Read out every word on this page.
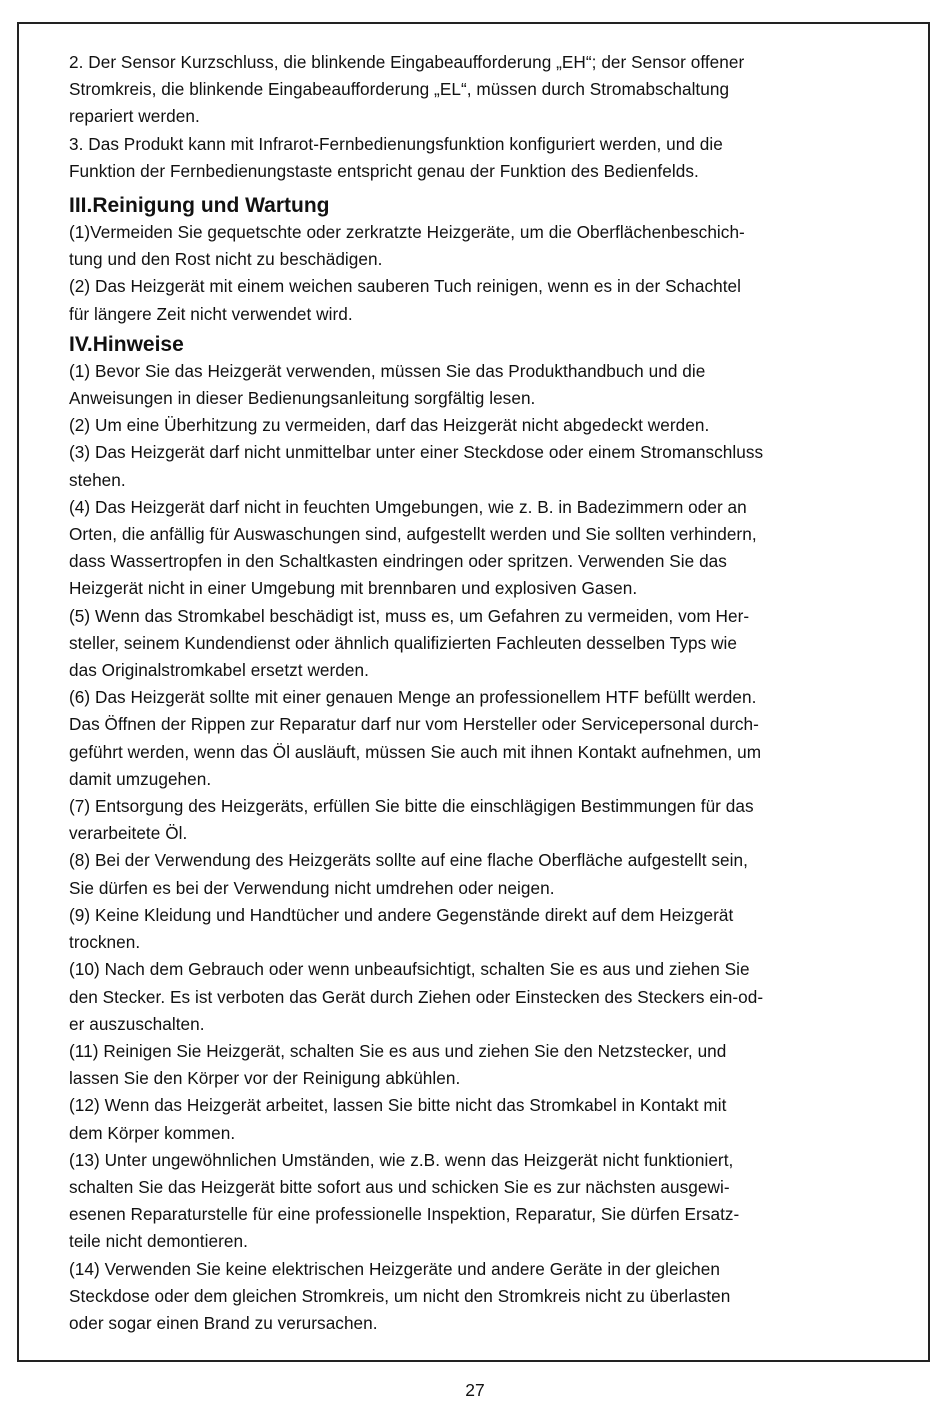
2. Der Sensor Kurzschluss, die blinkende Eingabeaufforderung „EH“; der Sensor offener
Stromkreis, die blinkende Eingabeaufforderung „EL“, müssen durch Stromabschaltung
repariert werden.

3. Das Produkt kann mit Infrarot-Fernbedienungsfunktion konfiguriert werden, und die
Funktion der Fernbedienungstaste entspricht genau der Funktion des Bedienfelds.

III.Reinigung und Wartung

(1)Vermeiden Sie gequetschte oder zerkratzte Heizgeräte, um die Oberflächenbeschich-
tung und den Rost nicht zu beschädigen.

(2) Das Heizgerät mit einem weichen sauberen Tuch reinigen, wenn es in der Schachtel
für längere Zeit nicht verwendet wird.

IV.Hinweise

(1) Bevor Sie das Heizgerät verwenden, müssen Sie das Produkthandbuch und die
Anweisungen in dieser Bedienungsanleitung sorgfältig lesen.

(2) Um eine Überhitzung zu vermeiden, darf das Heizgerät nicht abgedeckt werden.

(3) Das Heizgerät darf nicht unmittelbar unter einer Steckdose oder einem Stromanschluss
stehen.

(4) Das Heizgerät darf nicht in feuchten Umgebungen, wie z. B. in Badezimmern oder an
Orten, die anfällig für Auswaschungen sind, aufgestellt werden und Sie sollten verhindern,
dass Wassertropfen in den Schaltkasten eindringen oder spritzen. Verwenden Sie das
Heizgerät nicht in einer Umgebung mit brennbaren und explosiven Gasen.

(5) Wenn das Stromkabel beschädigt ist, muss es, um Gefahren zu vermeiden, vom Her-
steller, seinem Kundendienst oder ähnlich qualifizierten Fachleuten desselben Typs wie
das Originalstromkabel ersetzt werden.

(6) Das Heizgerät sollte mit einer genauen Menge an professionellem HTF befüllt werden.
Das Öffnen der Rippen zur Reparatur darf nur vom Hersteller oder Servicepersonal durch-
geführt werden, wenn das Öl ausläuft, müssen Sie auch mit ihnen Kontakt aufnehmen, um
damit umzugehen.

(7) Entsorgung des Heizgeräts, erfüllen Sie bitte die einschlägigen Bestimmungen für das
verarbeitete Öl.

(8) Bei der Verwendung des Heizgeräts sollte auf eine flache Oberfläche aufgestellt sein,
Sie dürfen es bei der Verwendung nicht umdrehen oder neigen.

(9) Keine Kleidung und Handtücher und andere Gegenstände direkt auf dem Heizgerät
trocknen.

(10) Nach dem Gebrauch oder wenn unbeaufsichtigt, schalten Sie es aus und ziehen Sie
den Stecker. Es ist verboten das Gerät durch Ziehen oder Einstecken des Steckers ein-od-
er auszuschalten.

(11) Reinigen Sie Heizgerät, schalten Sie es aus und ziehen Sie den Netzstecker, und
lassen Sie den Körper vor der Reinigung abkühlen.

(12) Wenn das Heizgerät arbeitet, lassen Sie bitte nicht das Stromkabel in Kontakt mit
dem Körper kommen.

(13) Unter ungewöhnlichen Umständen, wie z.B. wenn das Heizgerät nicht funktioniert,
schalten Sie das Heizgerät bitte sofort aus und schicken Sie es zur nächsten ausgewi-
esenen Reparaturstelle für eine professionelle Inspektion, Reparatur, Sie dürfen Ersatz-
teile nicht demontieren.

(14) Verwenden Sie keine elektrischen Heizgeräte und andere Geräte in der gleichen
Steckdose oder dem gleichen Stromkreis, um nicht den Stromkreis nicht zu überlasten
oder sogar einen Brand zu verursachen.

27
